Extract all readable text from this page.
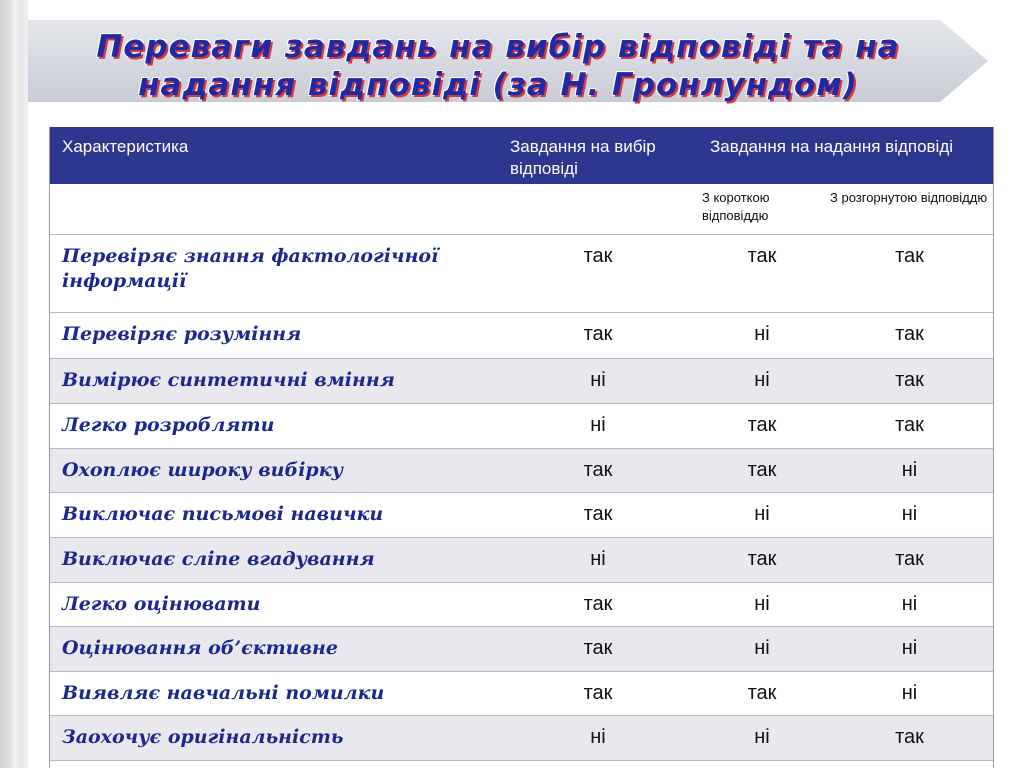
Переваги завдань на вибір відповіді та на
надання відповіді (за Н. Гронлундом)
Характеристика	Завдання на вибір відповіді	Завдання на надання відповіді	
		З короткою відповіддю	З розгорнутою відповіддю
Перевіряє знання фактологічної інформації	так	так	так
Перевіряє розуміння	так	ні	так
Вимірює синтетичні вміння	ні	ні	так
Легко розробляти	ні	так	так
Охоплює широку вибірку	так	так	ні
Виключає письмові навички	так	ні	ні
Виключає сліпе вгадування	ні	так	так
Легко оцінювати	так	ні	ні
Оцінювання об’єктивне	так	ні	ні
Виявляє навчальні помилки	так	так	ні
Заохочує оригінальність	ні	ні	так
